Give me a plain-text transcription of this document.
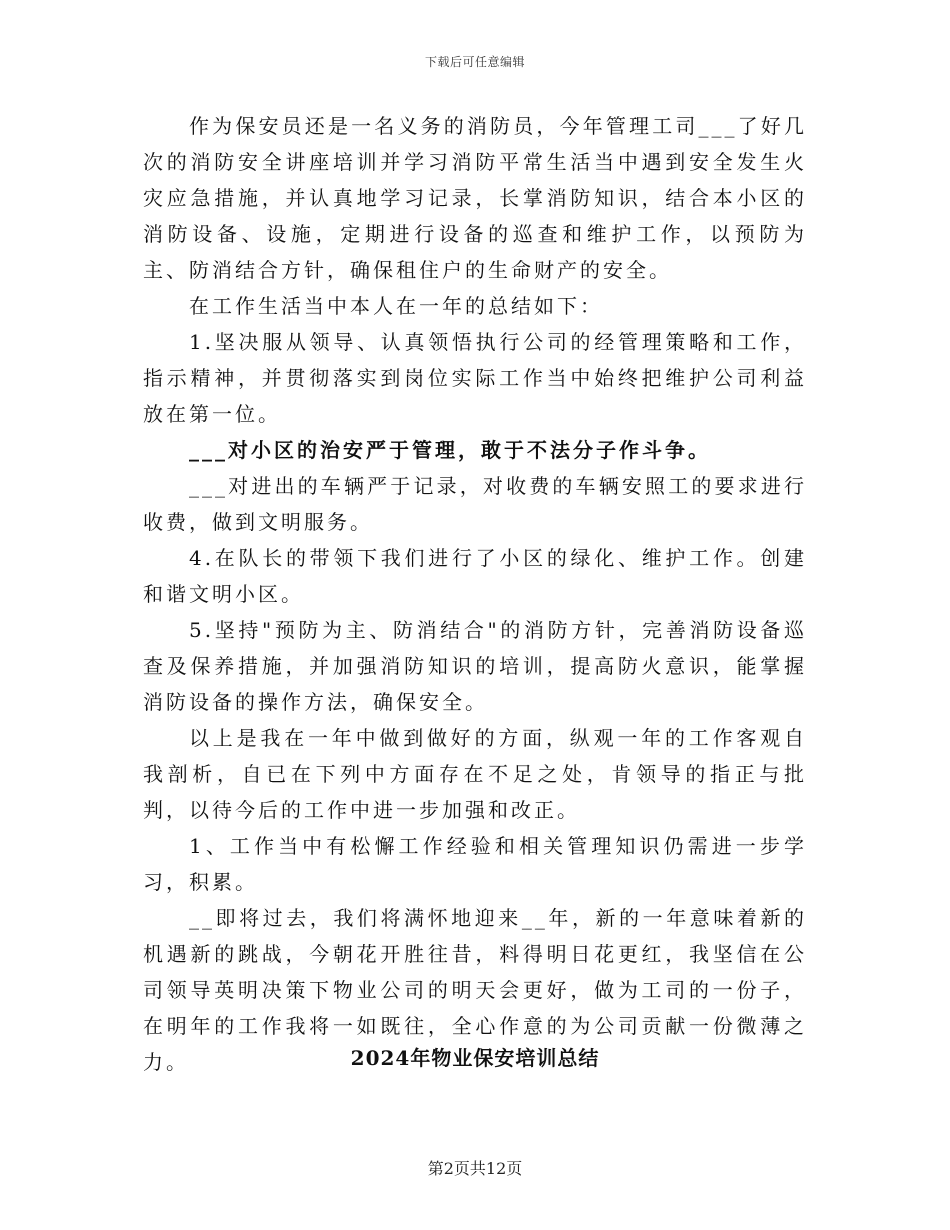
下载后可任意编辑

作为保安员还是一名义务的消防员，今年管理工司___了好几次的消防安全讲座培训并学习消防平常生活当中遇到安全发生火灾应急措施，并认真地学习记录，长掌消防知识，结合本小区的消防设备、设施，定期进行设备的巡查和维护工作，以预防为主、防消结合方针，确保租住户的生命财产的安全。

在工作生活当中本人在一年的总结如下：

1.坚决服从领导、认真领悟执行公司的经管理策略和工作，指示精神，并贯彻落实到岗位实际工作当中始终把维护公司利益放在第一位。

___对小区的治安严于管理，敢于不法分子作斗争。

___对进出的车辆严于记录，对收费的车辆安照工的要求进行收费，做到文明服务。

4.在队长的带领下我们进行了小区的绿化、维护工作。创建和谐文明小区。

5.坚持"预防为主、防消结合"的消防方针，完善消防设备巡查及保养措施，并加强消防知识的培训，提高防火意识，能掌握消防设备的操作方法，确保安全。

以上是我在一年中做到做好的方面，纵观一年的工作客观自我剖析，自已在下列中方面存在不足之处，肯领导的指正与批判，以待今后的工作中进一步加强和改正。

1、工作当中有松懈工作经验和相关管理知识仍需进一步学习，积累。

__即将过去，我们将满怀地迎来__年，新的一年意味着新的机遇新的跳战，今朝花开胜往昔，料得明日花更红，我坚信在公司领导英明决策下物业公司的明天会更好，做为工司的一份子，在明年的工作我将一如既往，全心作意的为公司贡献一份微薄之力。	2024年物业保安培训总结
第2页共12页
